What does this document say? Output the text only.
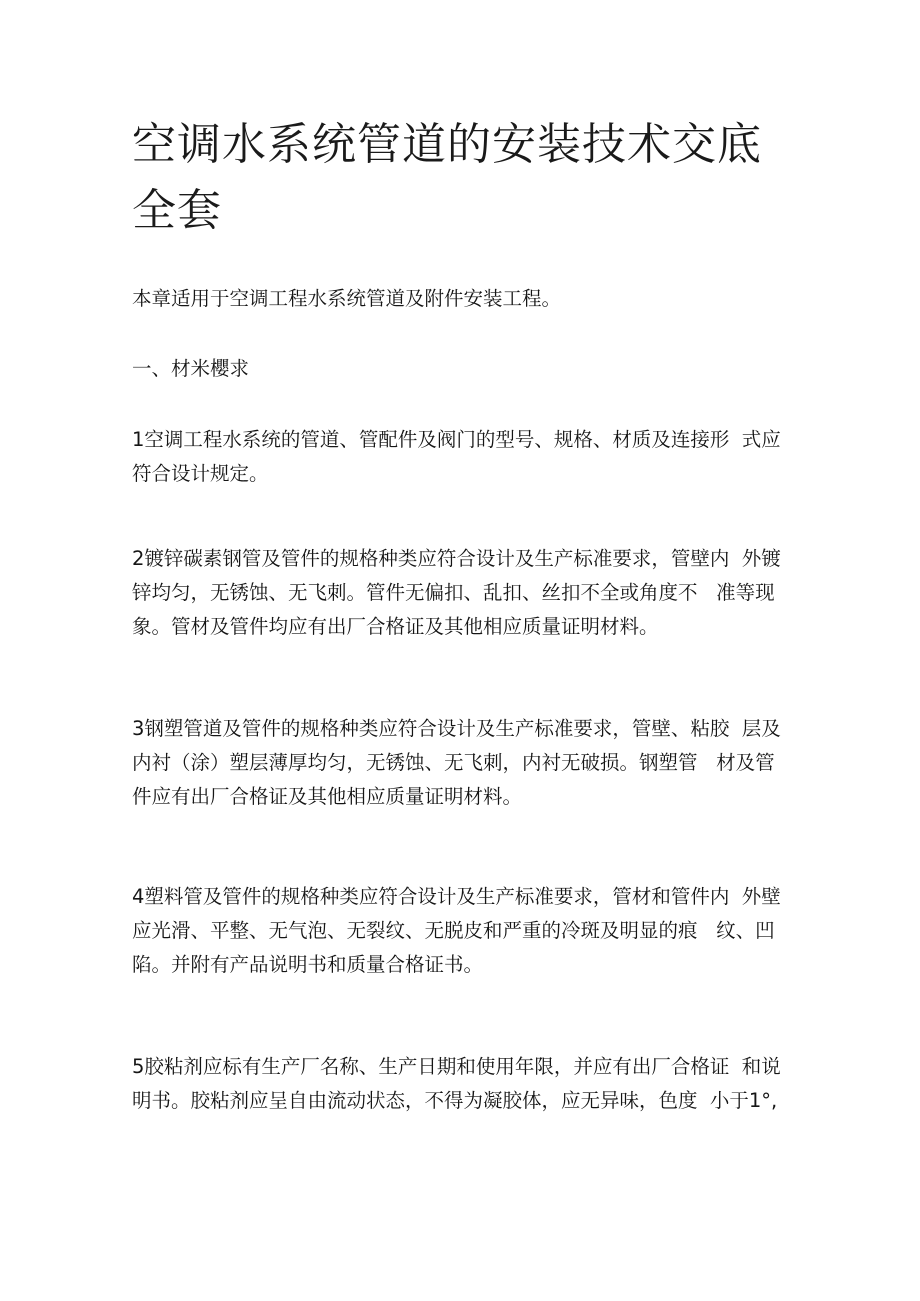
空调水系统管道的安装技术交底全套

本章适用于空调工程水系统管道及附件安装工程。

一、材米櫻求

1空调工程水系统的管道、管配件及阀门的型号、规格、材质及连接形  式应符合设计规定。

2镀锌碳素钢管及管件的规格种类应符合设计及生产标准要求，管壁内  外镀锌均匀，无锈蚀、无飞刺。管件无偏扣、乱扣、丝扣不全或角度不   准等现象。管材及管件均应有出厂合格证及其他相应质量证明材料。

3钢塑管道及管件的规格种类应符合设计及生产标准要求，管壁、粘胶  层及内衬（涂）塑层薄厚均匀，无锈蚀、无飞刺，内衬无破损。钢塑管   材及管件应有出厂合格证及其他相应质量证明材料。

4塑料管及管件的规格种类应符合设计及生产标准要求，管材和管件内  外壁应光滑、平整、无气泡、无裂纹、无脱皮和严重的冷斑及明显的痕   纹、凹陷。并附有产品说明书和质量合格证书。

5胶粘剂应标有生产厂名称、生产日期和使用年限，并应有出厂合格证  和说明书。胶粘剂应呈自由流动状态，不得为凝胶体，应无异味，色度  小于1°,
